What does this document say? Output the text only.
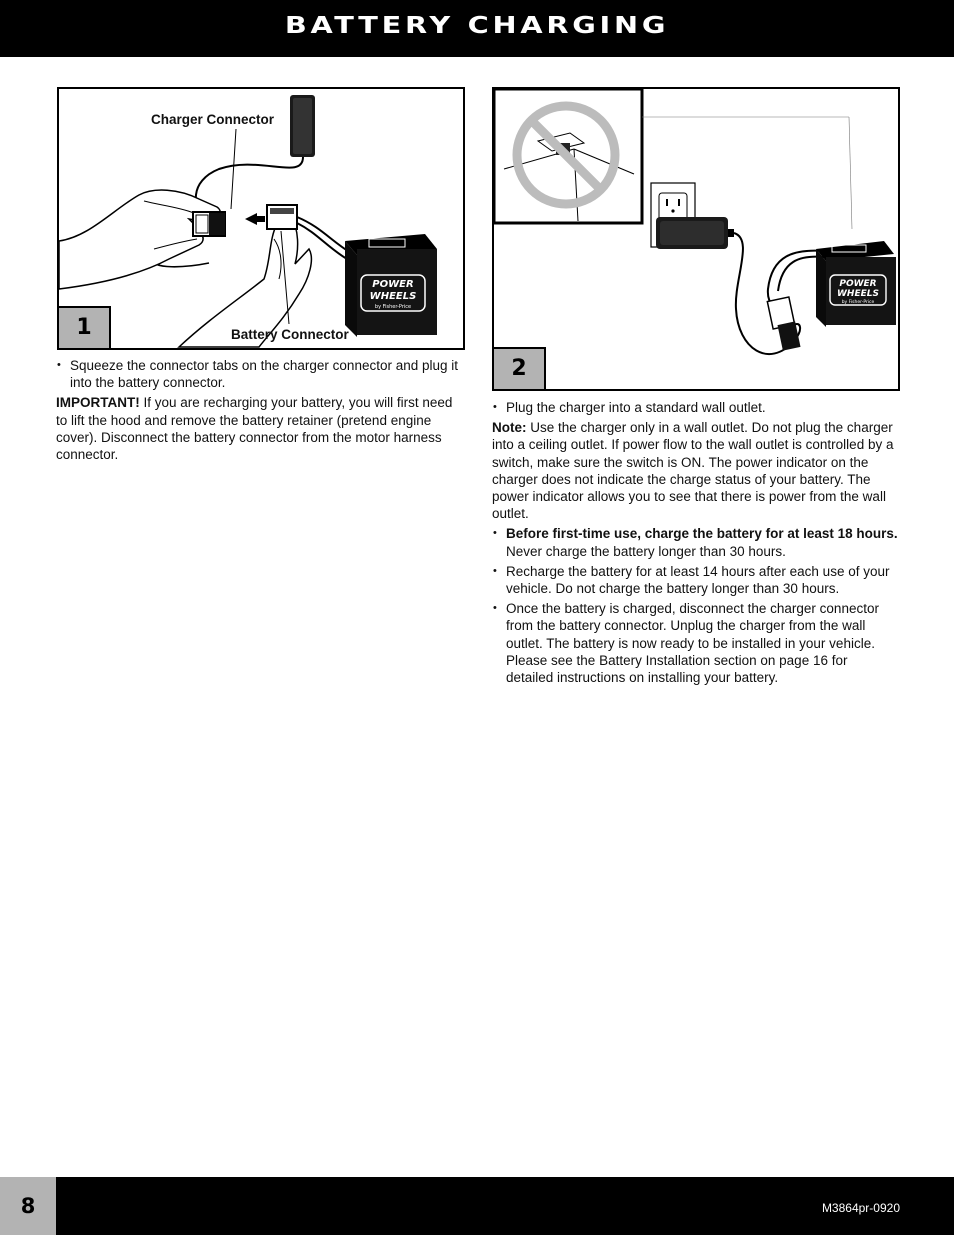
BATTERY CHARGING
POWER
WHEELS
by Fisher-Price
Charger Connector
Battery Connector
1
POWER
WHEELS
by Fisher-Price
2
• Squeeze the connector tabs on the charger connector and plug it into the battery connector.

IMPORTANT! If you are recharging your battery, you will first need to lift the hood and remove the battery retainer (pretend engine cover). Disconnect the battery connector from the motor harness connector.

• Plug the charger into a standard wall outlet.

Note: Use the charger only in a wall outlet. Do not plug the charger into a ceiling outlet. If power flow to the wall outlet is controlled by a switch, make sure the switch is ON. The power indicator on the charger does not indicate the charge status of your battery. The power indicator allows you to see that there is power from the wall outlet.

• Before first-time use, charge the battery for at least 18 hours. Never charge the battery longer than 30 hours.
• Recharge the battery for at least 14 hours after each use of your vehicle. Do not charge the battery longer than 30 hours.
• Once the battery is charged, disconnect the charger connector from the battery connector. Unplug the charger from the wall outlet. The battery is now ready to be installed in your vehicle. Please see the Battery Installation section on page 16 for detailed instructions on installing your battery.
8	M3864pr-0920
